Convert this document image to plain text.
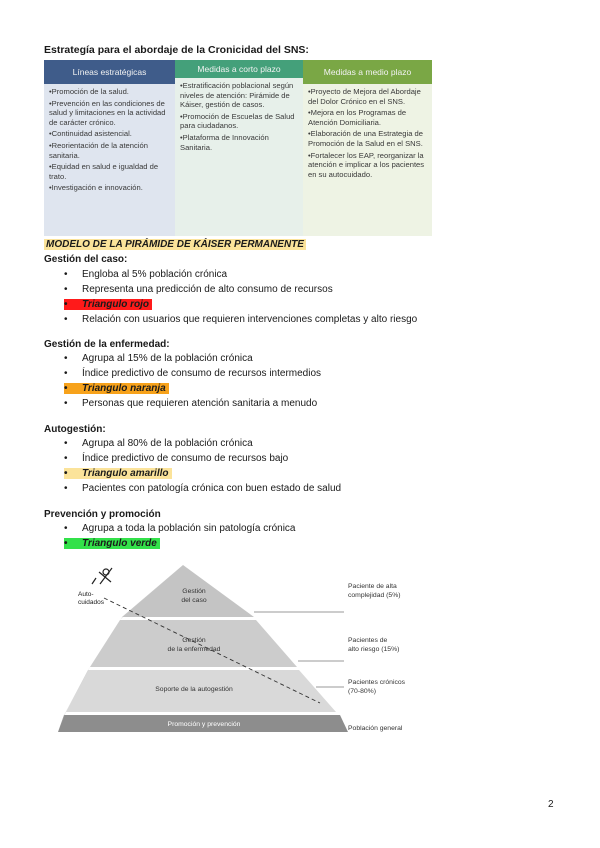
Estrategía para el abordaje de la Cronicidad del SNS:
Líneas estratégicas
• Promoción de la salud.
• Prevención en las condiciones de salud y limitaciones en la actividad de carácter crónico.
• Continuidad asistencial.
• Reorientación de la atención sanitaria.
• Equidad en salud e igualdad de trato.
• Investigación e innovación.
Medidas a corto plazo
• Estratificación poblacional según niveles de atención: Pirámide de Káiser, gestión de casos.
• Promoción de Escuelas de Salud para ciudadanos.
• Plataforma de Innovación Sanitaria.
Medidas a medio plazo
• Proyecto de Mejora del Abordaje del Dolor Crónico en el SNS.
• Mejora en los Programas de Atención Domiciliaria.
• Elaboración de una Estrategia de Promoción de la Salud en el SNS.
• Fortalecer los EAP, reorganizar la atención e implicar a los pacientes en su autocuidado.
MODELO DE LA PIRÁMIDE DE KÁISER PERMANENTE
Gestión del caso:
• Engloba al 5% población crónica
• Representa una predicción de alto consumo de recursos
• Triangulo rojo
• Relación con usuarios que requieren intervenciones completas y alto riesgo
Gestión de la enfermedad:
• Agrupa al 15% de la población crónica
• Índice predictivo de consumo de recursos intermedios
• Triangulo naranja
• Personas que requieren atención sanitaria a menudo
Autogestión:
• Agrupa al 80% de la población crónica
• Índice predictivo de consumo de recursos bajo
• Triangulo amarillo
• Pacientes con patología crónica con buen estado de salud
Prevención y promoción
• Agrupa a toda la población sin patología crónica
• Triangulo verde
Auto- cuidados
Gestión del caso
Gestión de la enfermedad
Soporte de la autogestión
Promoción y prevención
Paciente de alta complejidad (5%)
Pacientes de alto riesgo (15%)
Pacientes crónicos (70-80%)
Población general
2
